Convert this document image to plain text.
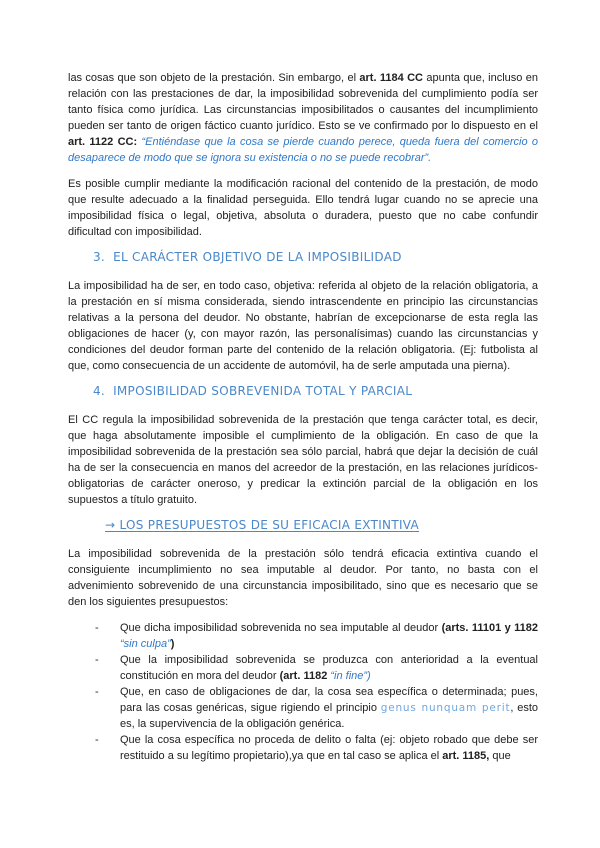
las cosas que son objeto de la prestación. Sin embargo, el art. 1184 CC apunta que, incluso en relación con las prestaciones de dar, la imposibilidad sobrevenida del cumplimiento podía ser tanto física como jurídica. Las circunstancias imposibilitados o causantes del incumplimiento pueden ser tanto de origen fáctico cuanto jurídico. Esto se ve confirmado por lo dispuesto en el art. 1122 CC: “Entiéndase que la cosa se pierde cuando perece, queda fuera del comercio o desaparece de modo que se ignora su existencia o no se puede recobrar”.

Es posible cumplir mediante la modificación racional del contenido de la prestación, de modo que resulte adecuado a la finalidad perseguida. Ello tendrá lugar cuando no se aprecie una imposibilidad física o legal, objetiva, absoluta o duradera, puesto que no cabe confundir dificultad con imposibilidad.

3. EL CARÁCTER OBJETIVO DE LA IMPOSIBILIDAD

La imposibilidad ha de ser, en todo caso, objetiva: referida al objeto de la relación obligatoria, a la prestación en sí misma considerada, siendo intrascendente en principio las circunstancias relativas a la persona del deudor. No obstante, habrían de excepcionarse de esta regla las obligaciones de hacer (y, con mayor razón, las personalísimas) cuando las circunstancias y condiciones del deudor forman parte del contenido de la relación obligatoria. (Ej: futbolista al que, como consecuencia de un accidente de automóvil, ha de serle amputada una pierna).

4. IMPOSIBILIDAD SOBREVENIDA TOTAL Y PARCIAL

El CC regula la imposibilidad sobrevenida de la prestación que tenga carácter total, es decir, que haga absolutamente imposible el cumplimiento de la obligación. En caso de que la imposibilidad sobrevenida de la prestación sea sólo parcial, habrá que dejar la decisión de cuál ha de ser la consecuencia en manos del acreedor de la prestación, en las relaciones jurídicos-obligatorias de carácter oneroso, y predicar la extinción parcial de la obligación en los supuestos a título gratuito.

→ LOS PRESUPUESTOS DE SU EFICACIA EXTINTIVA

La imposibilidad sobrevenida de la prestación sólo tendrá eficacia extintiva cuando el consiguiente incumplimiento no sea imputable al deudor. Por tanto, no basta con el advenimiento sobrevenido de una circunstancia imposibilitado, sino que es necesario que se den los siguientes presupuestos:

- Que dicha imposibilidad sobrevenida no sea imputable al deudor (arts. 11101 y 1182 “sin culpa”)
- Que la imposibilidad sobrevenida se produzca con anterioridad a la eventual constitución en mora del deudor (art. 1182 “in fine”)
- Que, en caso de obligaciones de dar, la cosa sea específica o determinada; pues, para las cosas genéricas, sigue rigiendo el principio genus nunquam perit, esto es, la supervivencia de la obligación genérica.
- Que la cosa específica no proceda de delito o falta (ej: objeto robado que debe ser restituido a su legítimo propietario),ya que en tal caso se aplica el art. 1185, que
